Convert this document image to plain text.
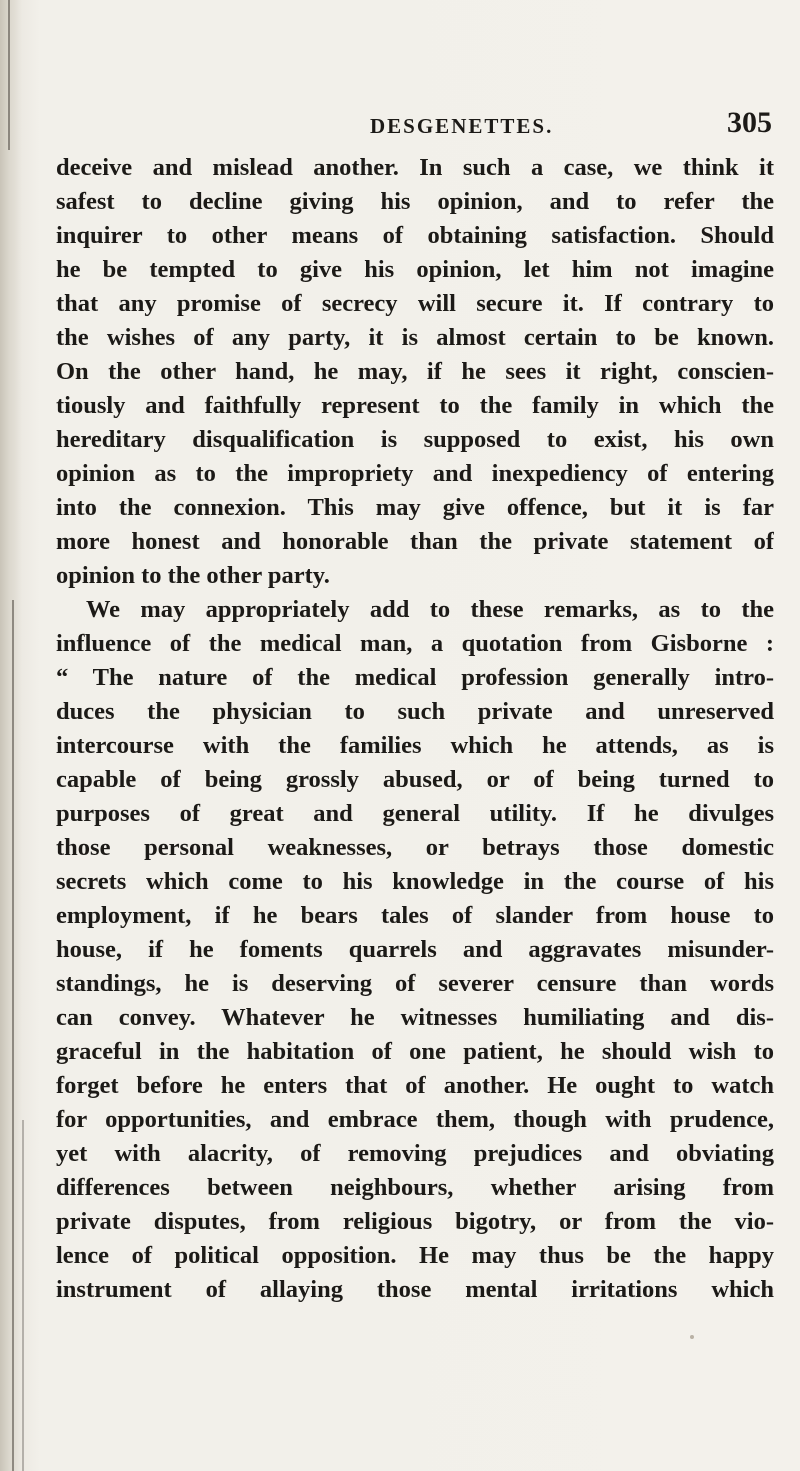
DESGENETTES.	305
deceive and mislead another. In such a case, we think it
safest to decline giving his opinion, and to refer the
inquirer to other means of obtaining satisfaction. Should
he be tempted to give his opinion, let him not imagine
that any promise of secrecy will secure it. If contrary to
the wishes of any party, it is almost certain to be known.
On the other hand, he may, if he sees it right, conscien-
tiously and faithfully represent to the family in which the
hereditary disqualification is supposed to exist, his own
opinion as to the impropriety and inexpediency of entering
into the connexion. This may give offence, but it is far
more honest and honorable than the private statement of
opinion to the other party.
We may appropriately add to these remarks, as to the
influence of the medical man, a quotation from Gisborne :
“ The nature of the medical profession generally intro-
duces the physician to such private and unreserved
intercourse with the families which he attends, as is
capable of being grossly abused, or of being turned to
purposes of great and general utility. If he divulges
those personal weaknesses, or betrays those domestic
secrets which come to his knowledge in the course of his
employment, if he bears tales of slander from house to
house, if he foments quarrels and aggravates misunder-
standings, he is deserving of severer censure than words
can convey. Whatever he witnesses humiliating and dis-
graceful in the habitation of one patient, he should wish to
forget before he enters that of another. He ought to watch
for opportunities, and embrace them, though with prudence,
yet with alacrity, of removing prejudices and obviating
differences between neighbours, whether arising from
private disputes, from religious bigotry, or from the vio-
lence of political opposition. He may thus be the happy
instrument of allaying those mental irritations which
